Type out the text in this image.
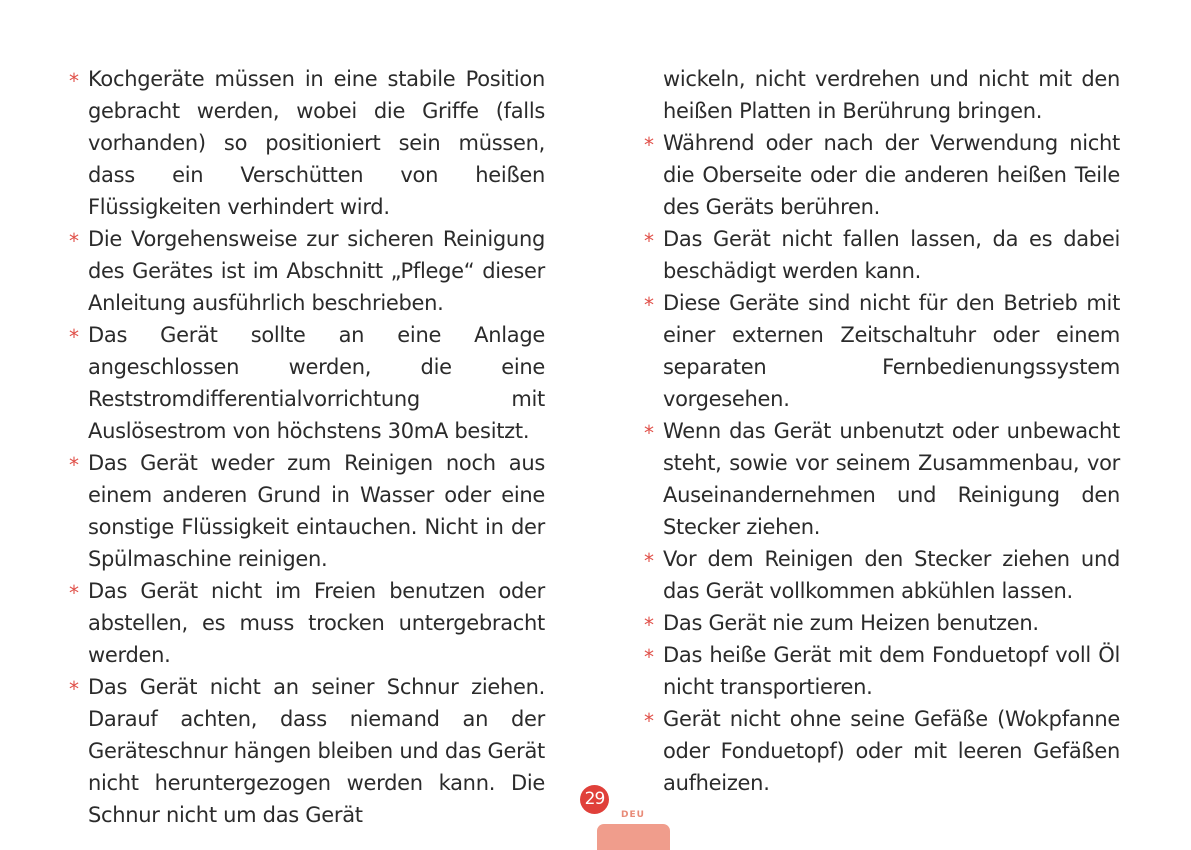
* Kochgeräte müssen in eine stabile Position gebracht werden, wobei die Griffe (falls vorhanden) so positioniert sein müssen, dass ein Verschütten von heißen Flüssigkeiten verhindert wird.

* Die Vorgehensweise zur sicheren Reinigung des Gerätes ist im Abschnitt „Pflege“ dieser Anleitung ausführlich beschrieben.

* Das Gerät sollte an eine Anlage angeschlossen werden, die eine Reststromdifferentialvorrichtung mit Auslösestrom von höchstens 30mA besitzt.

* Das Gerät weder zum Reinigen noch aus einem anderen Grund in Wasser oder eine sonstige Flüssigkeit eintauchen. Nicht in der Spülmaschine reinigen.

* Das Gerät nicht im Freien benutzen oder abstellen, es muss trocken untergebracht werden.

* Das Gerät nicht an seiner Schnur ziehen. Darauf achten, dass niemand an der Geräteschnur hängen bleiben und das Gerät nicht heruntergezogen werden kann. Die Schnur nicht um das Gerät

wickeln, nicht verdrehen und nicht mit den heißen Platten in Berührung bringen.

* Während oder nach der Verwendung nicht die Oberseite oder die anderen heißen Teile des Geräts berühren.

* Das Gerät nicht fallen lassen, da es dabei beschädigt werden kann.

* Diese Geräte sind nicht für den Betrieb mit einer externen Zeitschaltuhr oder einem separaten Fernbedienungssystem vorgesehen.

* Wenn das Gerät unbenutzt oder unbewacht steht, sowie vor seinem Zusammenbau, vor Auseinandernehmen und Reinigung den Stecker ziehen.

* Vor dem Reinigen den Stecker ziehen und das Gerät vollkommen abkühlen lassen.

* Das Gerät nie zum Heizen benutzen.

* Das heiße Gerät mit dem Fonduetopf voll Öl nicht transportieren.

* Gerät nicht ohne seine Gefäße (Wokpfanne oder Fonduetopf) oder mit leeren Gefäßen aufheizen.

29
DEU
